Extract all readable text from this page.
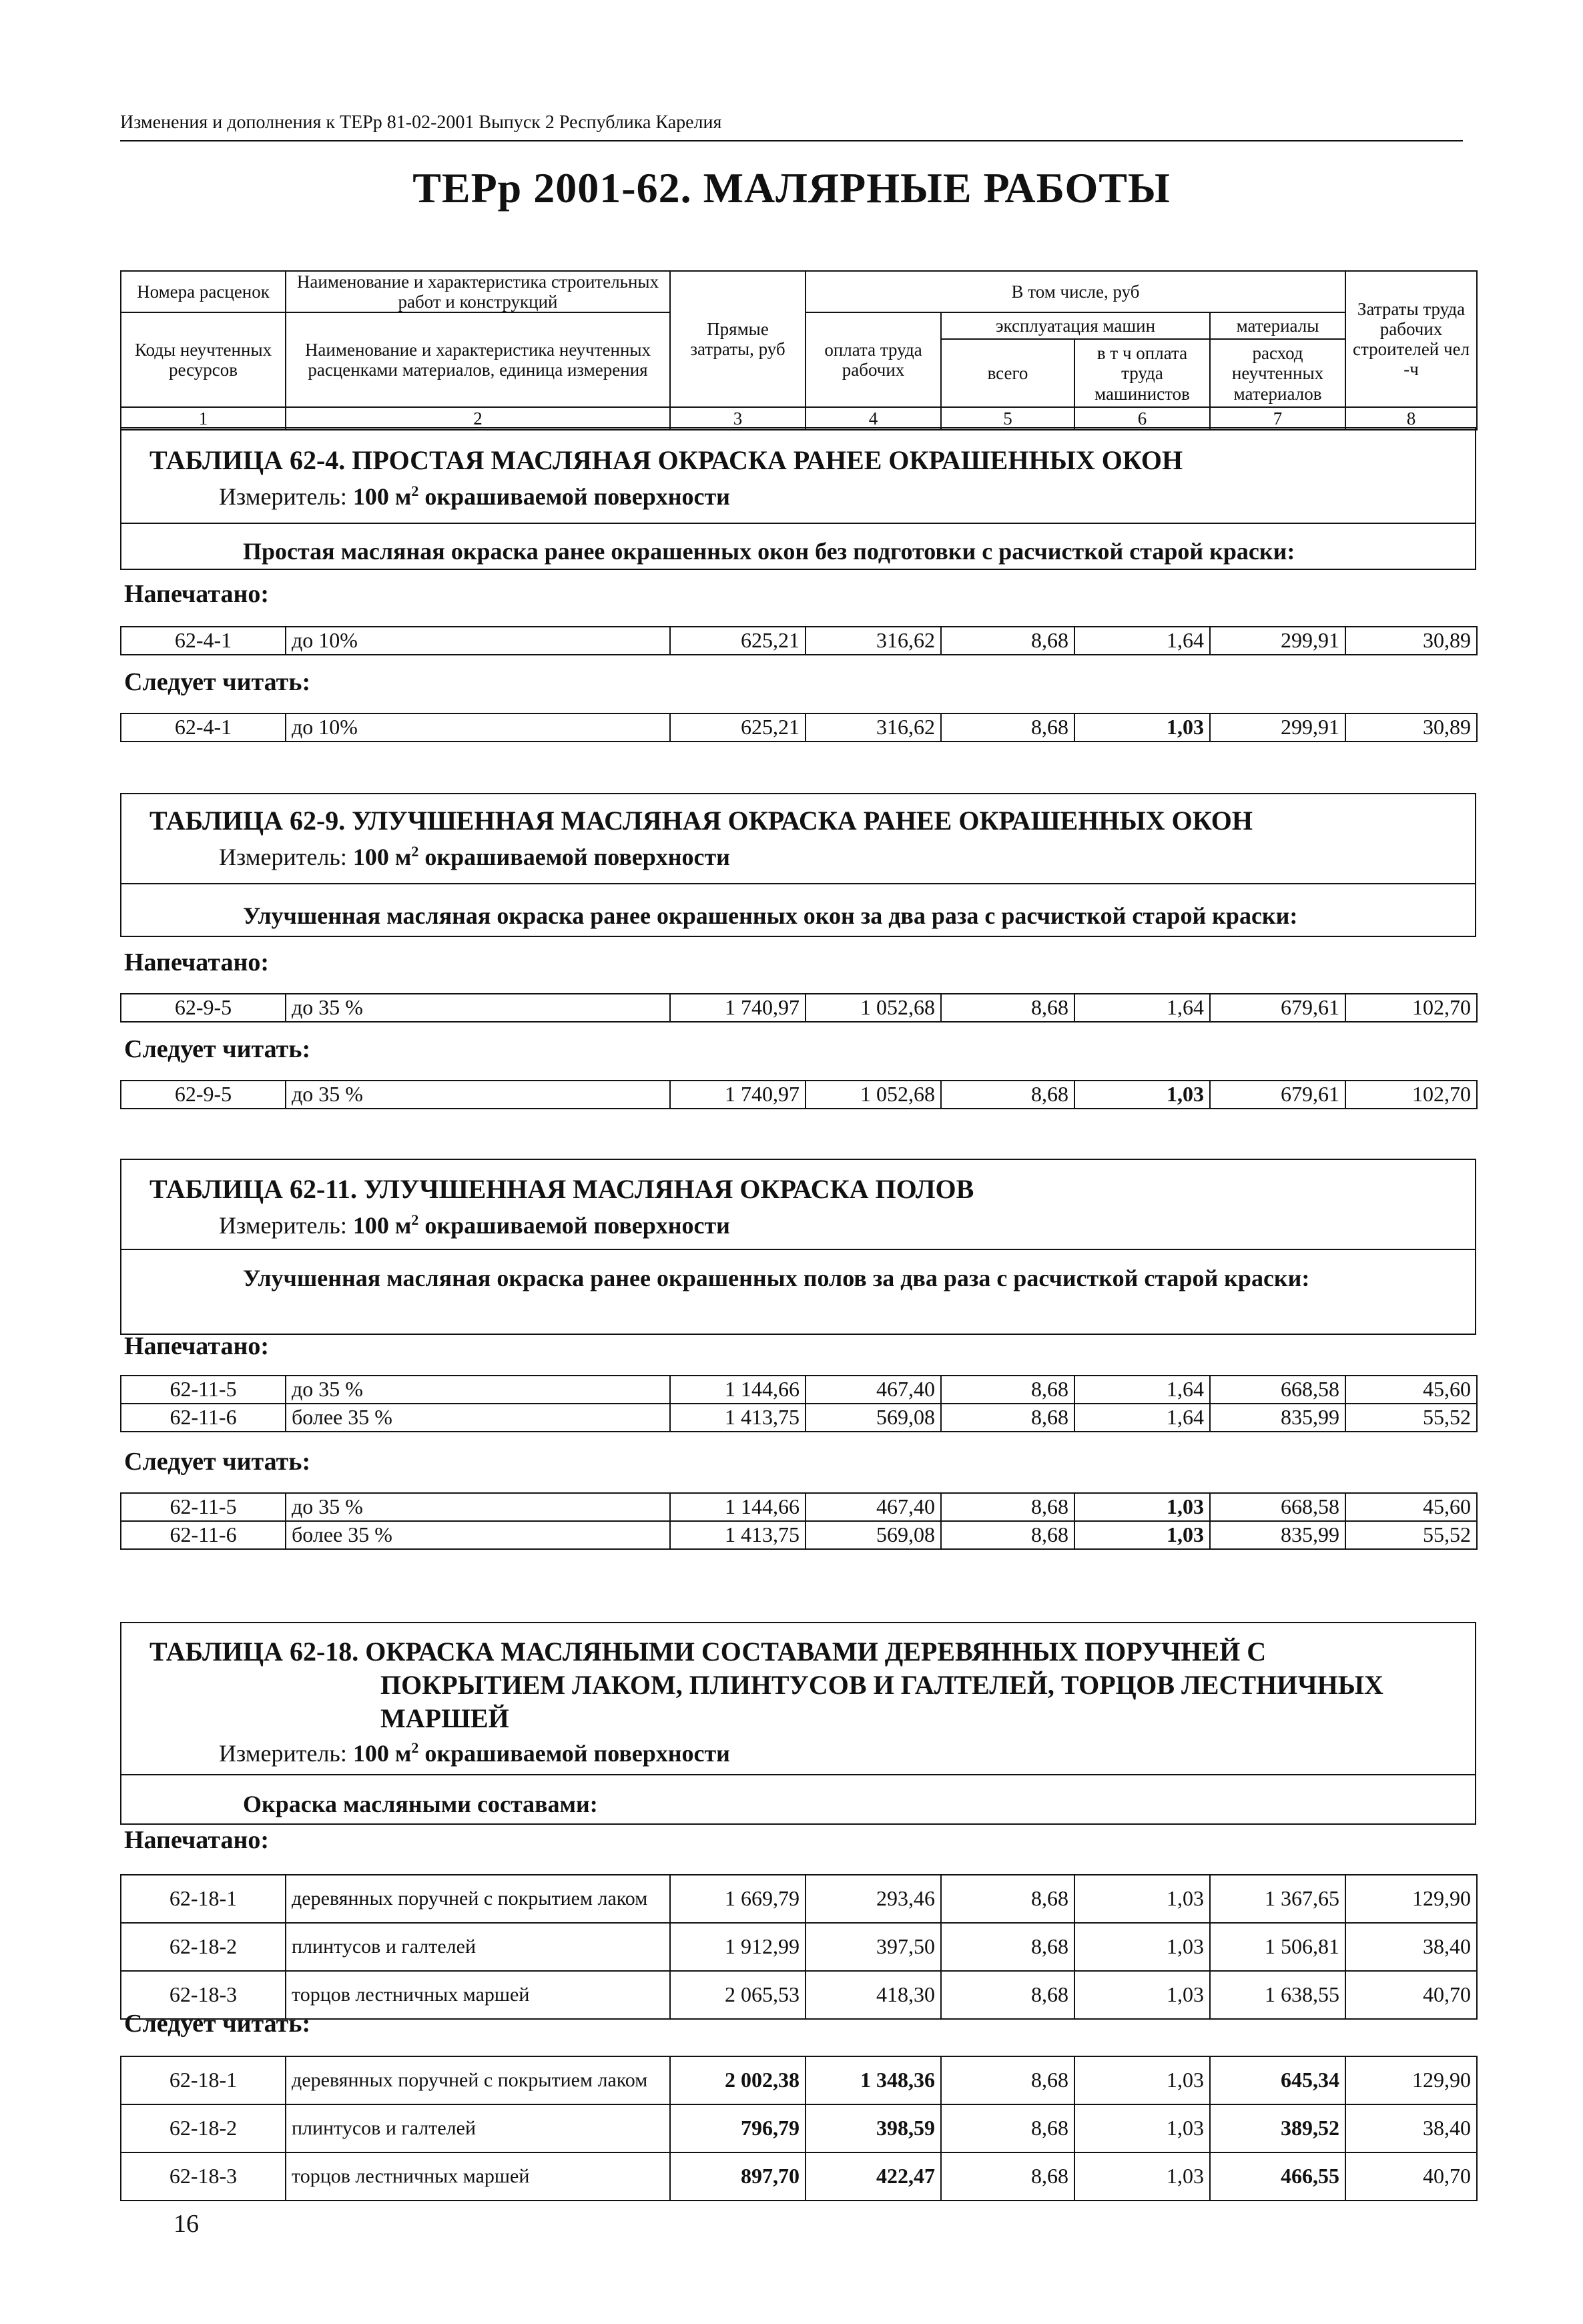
Изменения и дополнения к ТЕРр 81-02-2001 Выпуск 2 Республика Карелия
ТЕРр 2001-62. МАЛЯРНЫЕ РАБОТЫ
Номера расценок	Наименование и характеристика строительных работ и конструкций	Прямые затраты, руб	В том числе, руб				Затраты труда рабочих строителей чел -ч
Коды неучтенных ресурсов	Наименование и характеристика неучтенных расценками материалов, единица измерения		оплата труда рабочих	эксплуатация машин		материалы	
				всего	в т ч оплата труда машинистов	расход неучтенных материалов	
1	2	3	4	5	6	7	8
ТАБЛИЦА 62-4. ПРОСТАЯ МАСЛЯНАЯ ОКРАСКА РАНЕЕ ОКРАШЕННЫХ ОКОН
Измеритель: 100 $м^2$ окрашиваемой поверхности
Простая масляная окраска ранее окрашенных окон без подготовки с расчисткой старой краски:
Напечатано:
62-4-1	до 10%	625,21	316,62	8,68	1,64	299,91	30,89
Следует читать:
62-4-1	до 10%	625,21	316,62	8,68	1,03	299,91	30,89
ТАБЛИЦА 62-9. УЛУЧШЕННАЯ МАСЛЯНАЯ ОКРАСКА РАНЕЕ ОКРАШЕННЫХ ОКОН
Измеритель: 100 $м^2$ окрашиваемой поверхности
Улучшенная масляная окраска ранее окрашенных окон за два раза с расчисткой старой краски:
Напечатано:
62-9-5	до 35 %	1 740,97	1 052,68	8,68	1,64	679,61	102,70
Следует читать:
62-9-5	до 35 %	1 740,97	1 052,68	8,68	1,03	679,61	102,70
ТАБЛИЦА 62-11. УЛУЧШЕННАЯ МАСЛЯНАЯ ОКРАСКА ПОЛОВ
Измеритель: 100 $м^2$ окрашиваемой поверхности
Улучшенная масляная окраска ранее окрашенных полов за два раза с расчисткой старой краски:
Напечатано:
62-11-5	до 35 %	1 144,66	467,40	8,68	1,64	668,58	45,60
62-11-6	более 35 %	1 413,75	569,08	8,68	1,64	835,99	55,52
Следует читать:
62-11-5	до 35 %	1 144,66	467,40	8,68	1,03	668,58	45,60
62-11-6	более 35 %	1 413,75	569,08	8,68	1,03	835,99	55,52
ТАБЛИЦА 62-18. ОКРАСКА МАСЛЯНЫМИ СОСТАВАМИ ДЕРЕВЯННЫХ ПОРУЧНЕЙ С
ПОКРЫТИЕМ ЛАКОМ, ПЛИНТУСОВ И ГАЛТЕЛЕЙ, ТОРЦОВ ЛЕСТНИЧНЫХ
МАРШЕЙ
Измеритель: 100 $м^2$ окрашиваемой поверхности
Окраска масляными составами:
Напечатано:
62-18-1	деревянных поручней с покрытием лаком	1 669,79	293,46	8,68	1,03	1 367,65	129,90
62-18-2	плинтусов и галтелей	1 912,99	397,50	8,68	1,03	1 506,81	38,40
62-18-3	торцов лестничных маршей	2 065,53	418,30	8,68	1,03	1 638,55	40,70
Следует читать:
62-18-1	деревянных поручней с покрытием лаком	2 002,38	1 348,36	8,68	1,03	645,34	129,90
62-18-2	плинтусов и галтелей	796,79	398,59	8,68	1,03	389,52	38,40
62-18-3	торцов лестничных маршей	897,70	422,47	8,68	1,03	466,55	40,70
16
